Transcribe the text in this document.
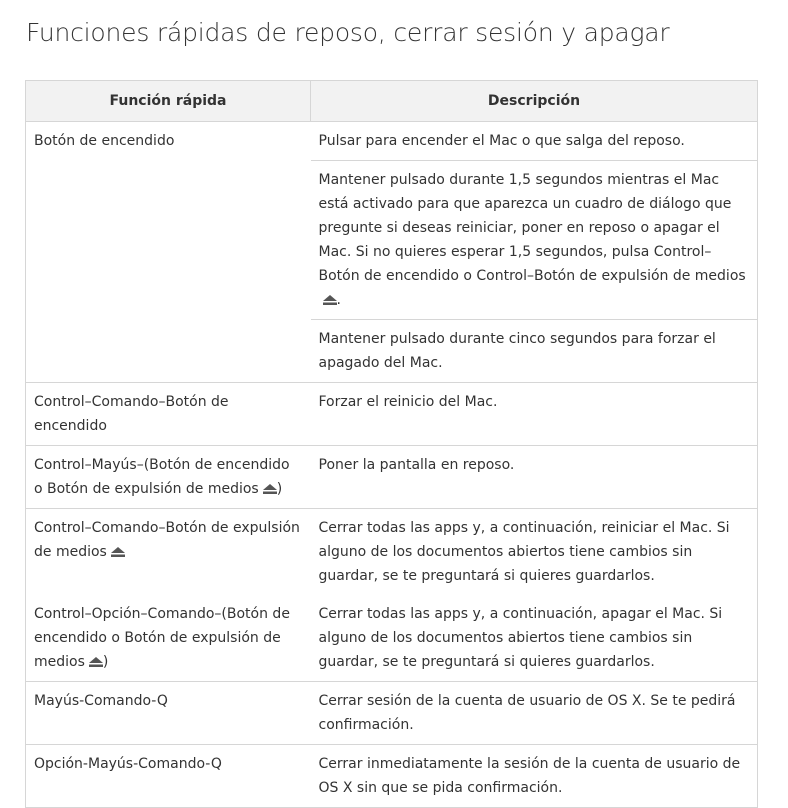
Funciones rápidas de reposo, cerrar sesión y apagar
Función rápida	Descripción
Botón de encendido	Pulsar para encender el Mac o que salga del reposo.
	Mantener pulsado durante 1,5 segundos mientras el Mac está activado para que aparezca un cuadro de diálogo que pregunte si deseas reiniciar, poner en reposo o apagar el Mac. Si no quieres esperar 1,5 segundos, pulsa Control–Botón de encendido o Control–Botón de expulsión de medios
.
	Mantener pulsado durante cinco segundos para forzar el apagado del Mac.
Control–Comando–Botón de encendido	Forzar el reinicio del Mac.
Control–Mayús–(Botón de encendido o Botón de expulsión de medios )	Poner la pantalla en reposo.
Control–Comando–Botón de expulsión de medios	Cerrar todas las apps y, a continuación, reiniciar el Mac. Si alguno de los documentos abiertos tiene cambios sin guardar, se te preguntará si quieres guardarlos.
Control–Opción–Comando–(Botón de encendido o Botón de expulsión de medios )	Cerrar todas las apps y, a continuación, apagar el Mac. Si alguno de los documentos abiertos tiene cambios sin guardar, se te preguntará si quieres guardarlos.
Mayús-Comando-Q	Cerrar sesión de la cuenta de usuario de OS X. Se te pedirá confirmación.
Opción-Mayús-Comando-Q	Cerrar inmediatamente la sesión de la cuenta de usuario de OS X sin que se pida confirmación.
